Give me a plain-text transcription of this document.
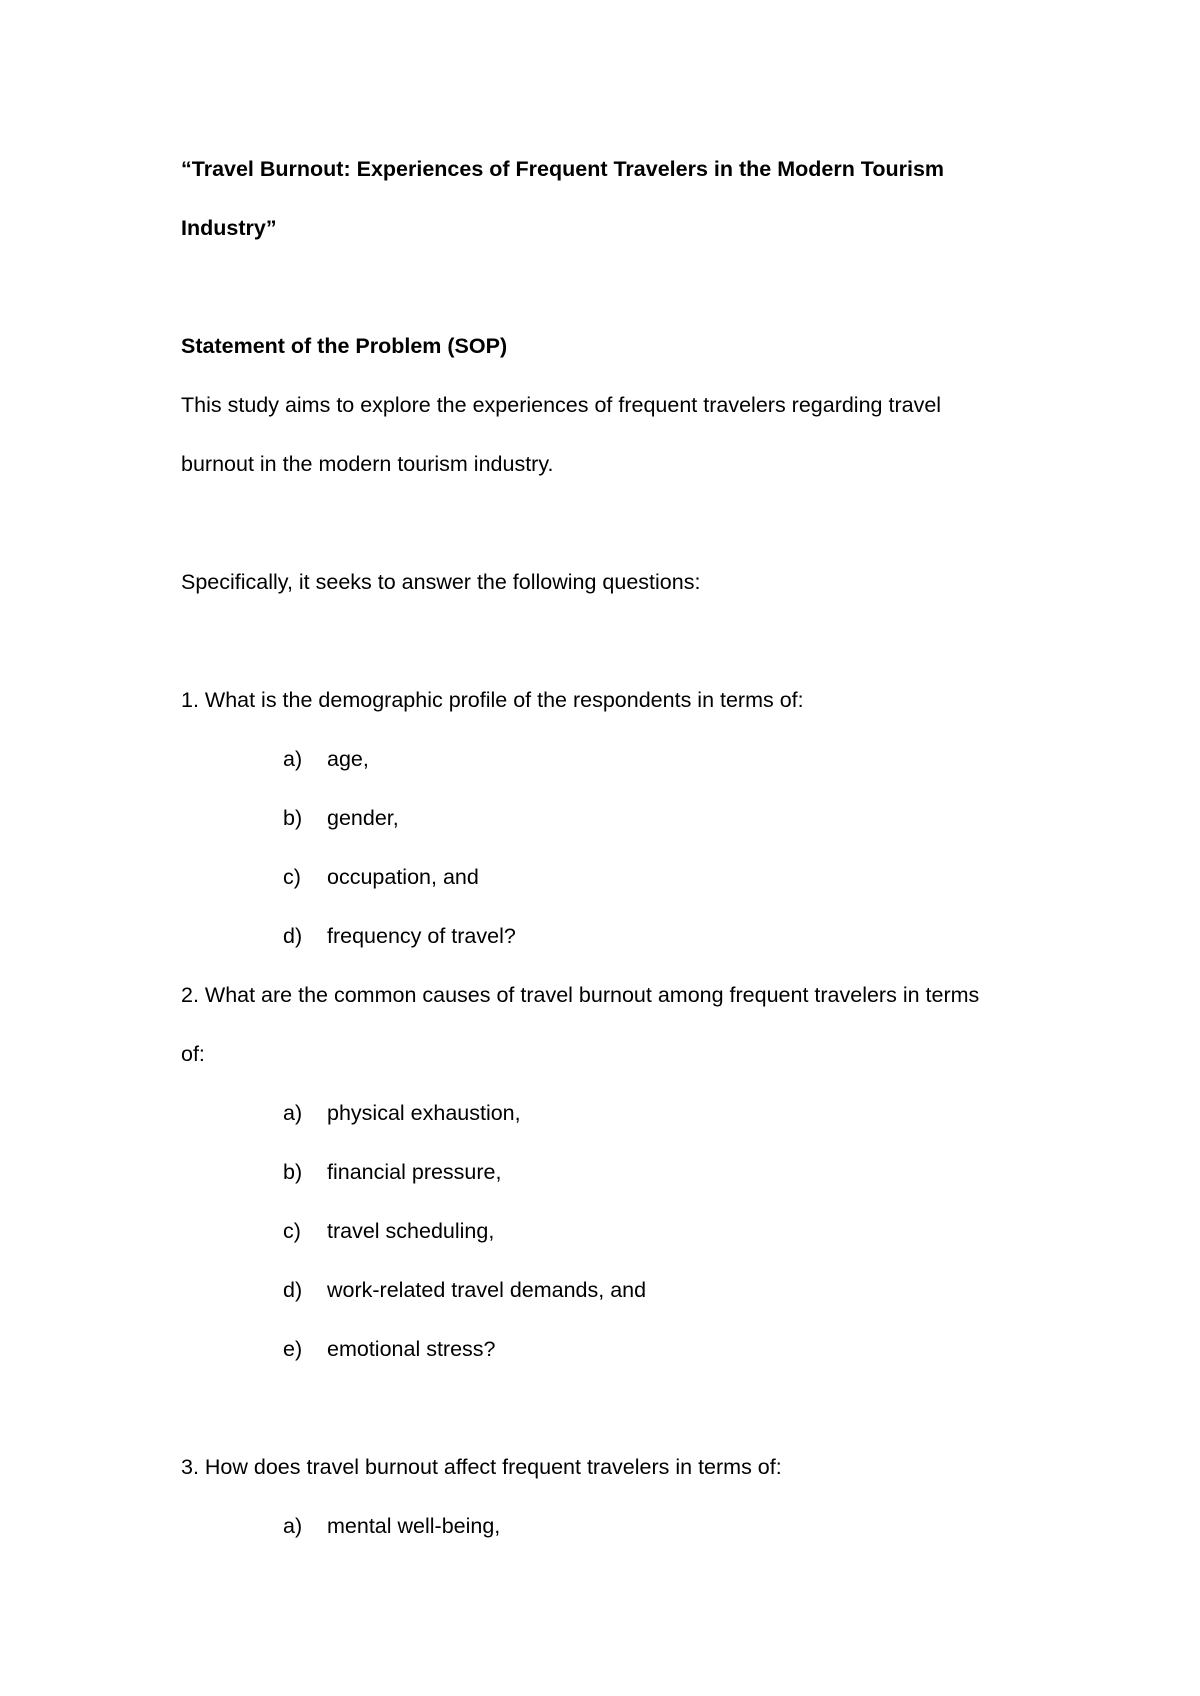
“Travel Burnout: Experiences of Frequent Travelers in the Modern Tourism
Industry”
Statement of the Problem (SOP)
This study aims to explore the experiences of frequent travelers regarding travel
burnout in the modern tourism industry.
Specifically, it seeks to answer the following questions:
1. What is the demographic profile of the respondents in terms of:
a)	age,
b)	gender,
c)	occupation, and
d)	frequency of travel?
2. What are the common causes of travel burnout among frequent travelers in terms
of:
a)	physical exhaustion,
b)	financial pressure,
c)	travel scheduling,
d)	work-related travel demands, and
e)	emotional stress?
3. How does travel burnout affect frequent travelers in terms of:
a)	mental well-being,
